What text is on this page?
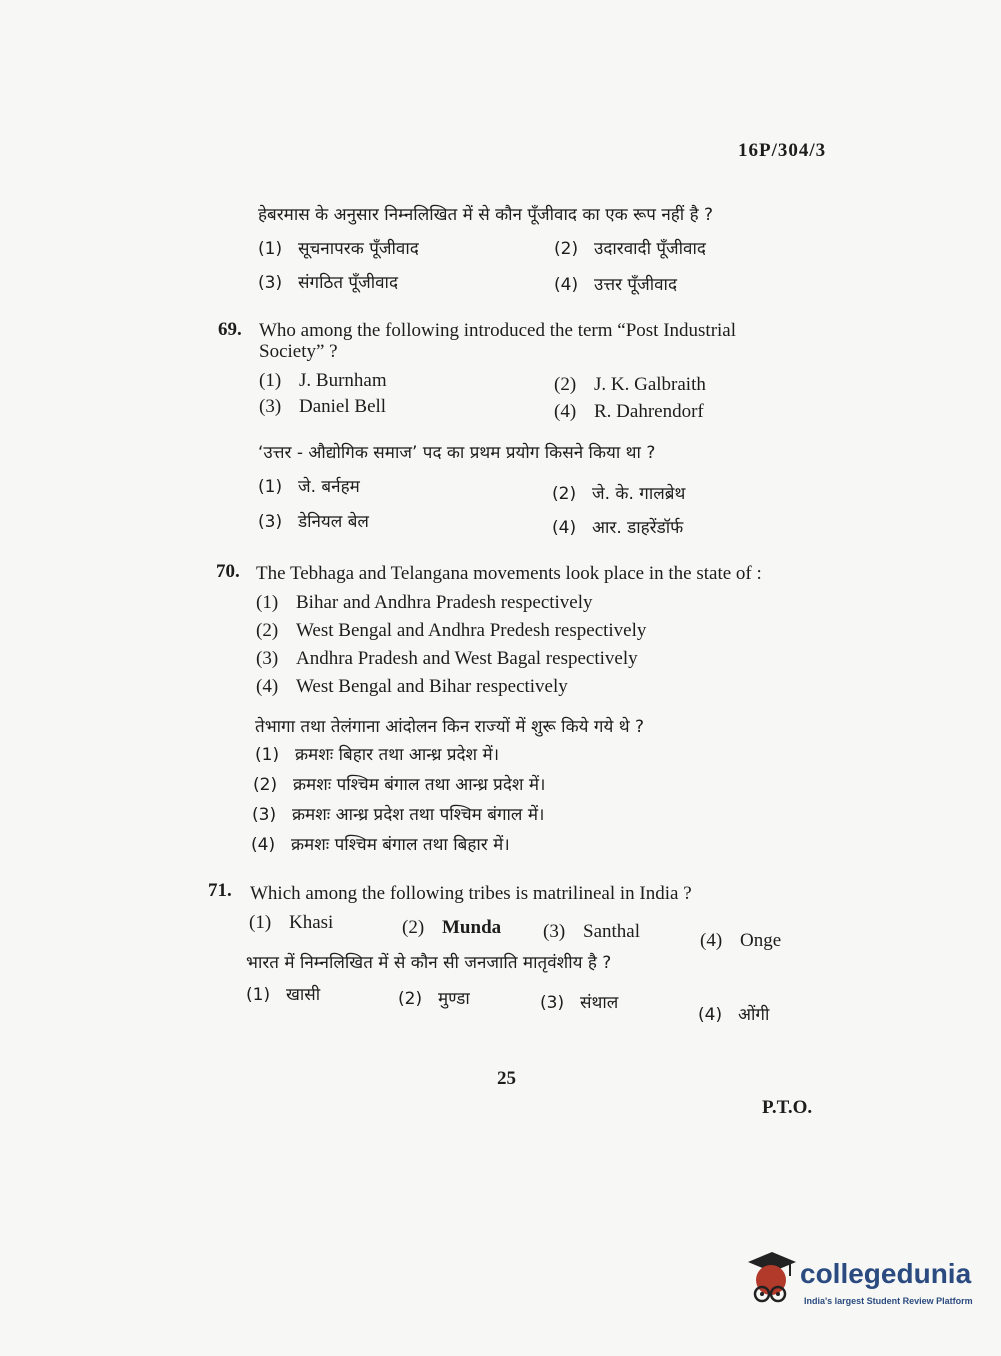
16P/304/3
हेबरमास के अनुसार निम्नलिखित में से कौन पूँजीवाद का एक रूप नहीं है ?
(1) सूचनापरक पूँजीवाद	(2) उदारवादी पूँजीवाद
(3) संगठित पूँजीवाद	(4) उत्तर पूँजीवाद
69. Who among the following introduced the term “Post Industrial
Society” ?
(1) J. Burnham	(2) J. K. Galbraith
(3) Daniel Bell	(4) R. Dahrendorf
‘उत्तर - औद्योगिक समाज’ पद का प्रथम प्रयोग किसने किया था ?
(1) जे. बर्नहम	(2) जे. के. गालब्रेथ
(3) डेनियल बेल	(4) आर. डाहरेंडॉर्फ
70. The Tebhaga and Telangana movements look place in the state of :
(1) Bihar and Andhra Pradesh respectively
(2) West Bengal and Andhra Predesh respectively
(3) Andhra Pradesh and West Bagal respectively
(4) West Bengal and Bihar respectively
तेभागा तथा तेलंगाना आंदोलन किन राज्यों में शुरू किये गये थे ?
(1) क्रमशः बिहार तथा आन्ध्र प्रदेश में।
(2) क्रमशः पश्चिम बंगाल तथा आन्ध्र प्रदेश में।
(3) क्रमशः आन्ध्र प्रदेश तथा पश्चिम बंगाल में।
(4) क्रमशः पश्चिम बंगाल तथा बिहार में।
71. Which among the following tribes is matrilineal in India ?
(1) Khasi	(2) Munda (3) Santhal	(4) Onge
भारत में निम्नलिखित में से कौन सी जनजाति मातृवंशीय है ?
(1) खासी	(2) मुण्डा	(3) संथाल
(4) ओंगी
25
P.T.O.
collegedunia
India's largest Student Review Platform
